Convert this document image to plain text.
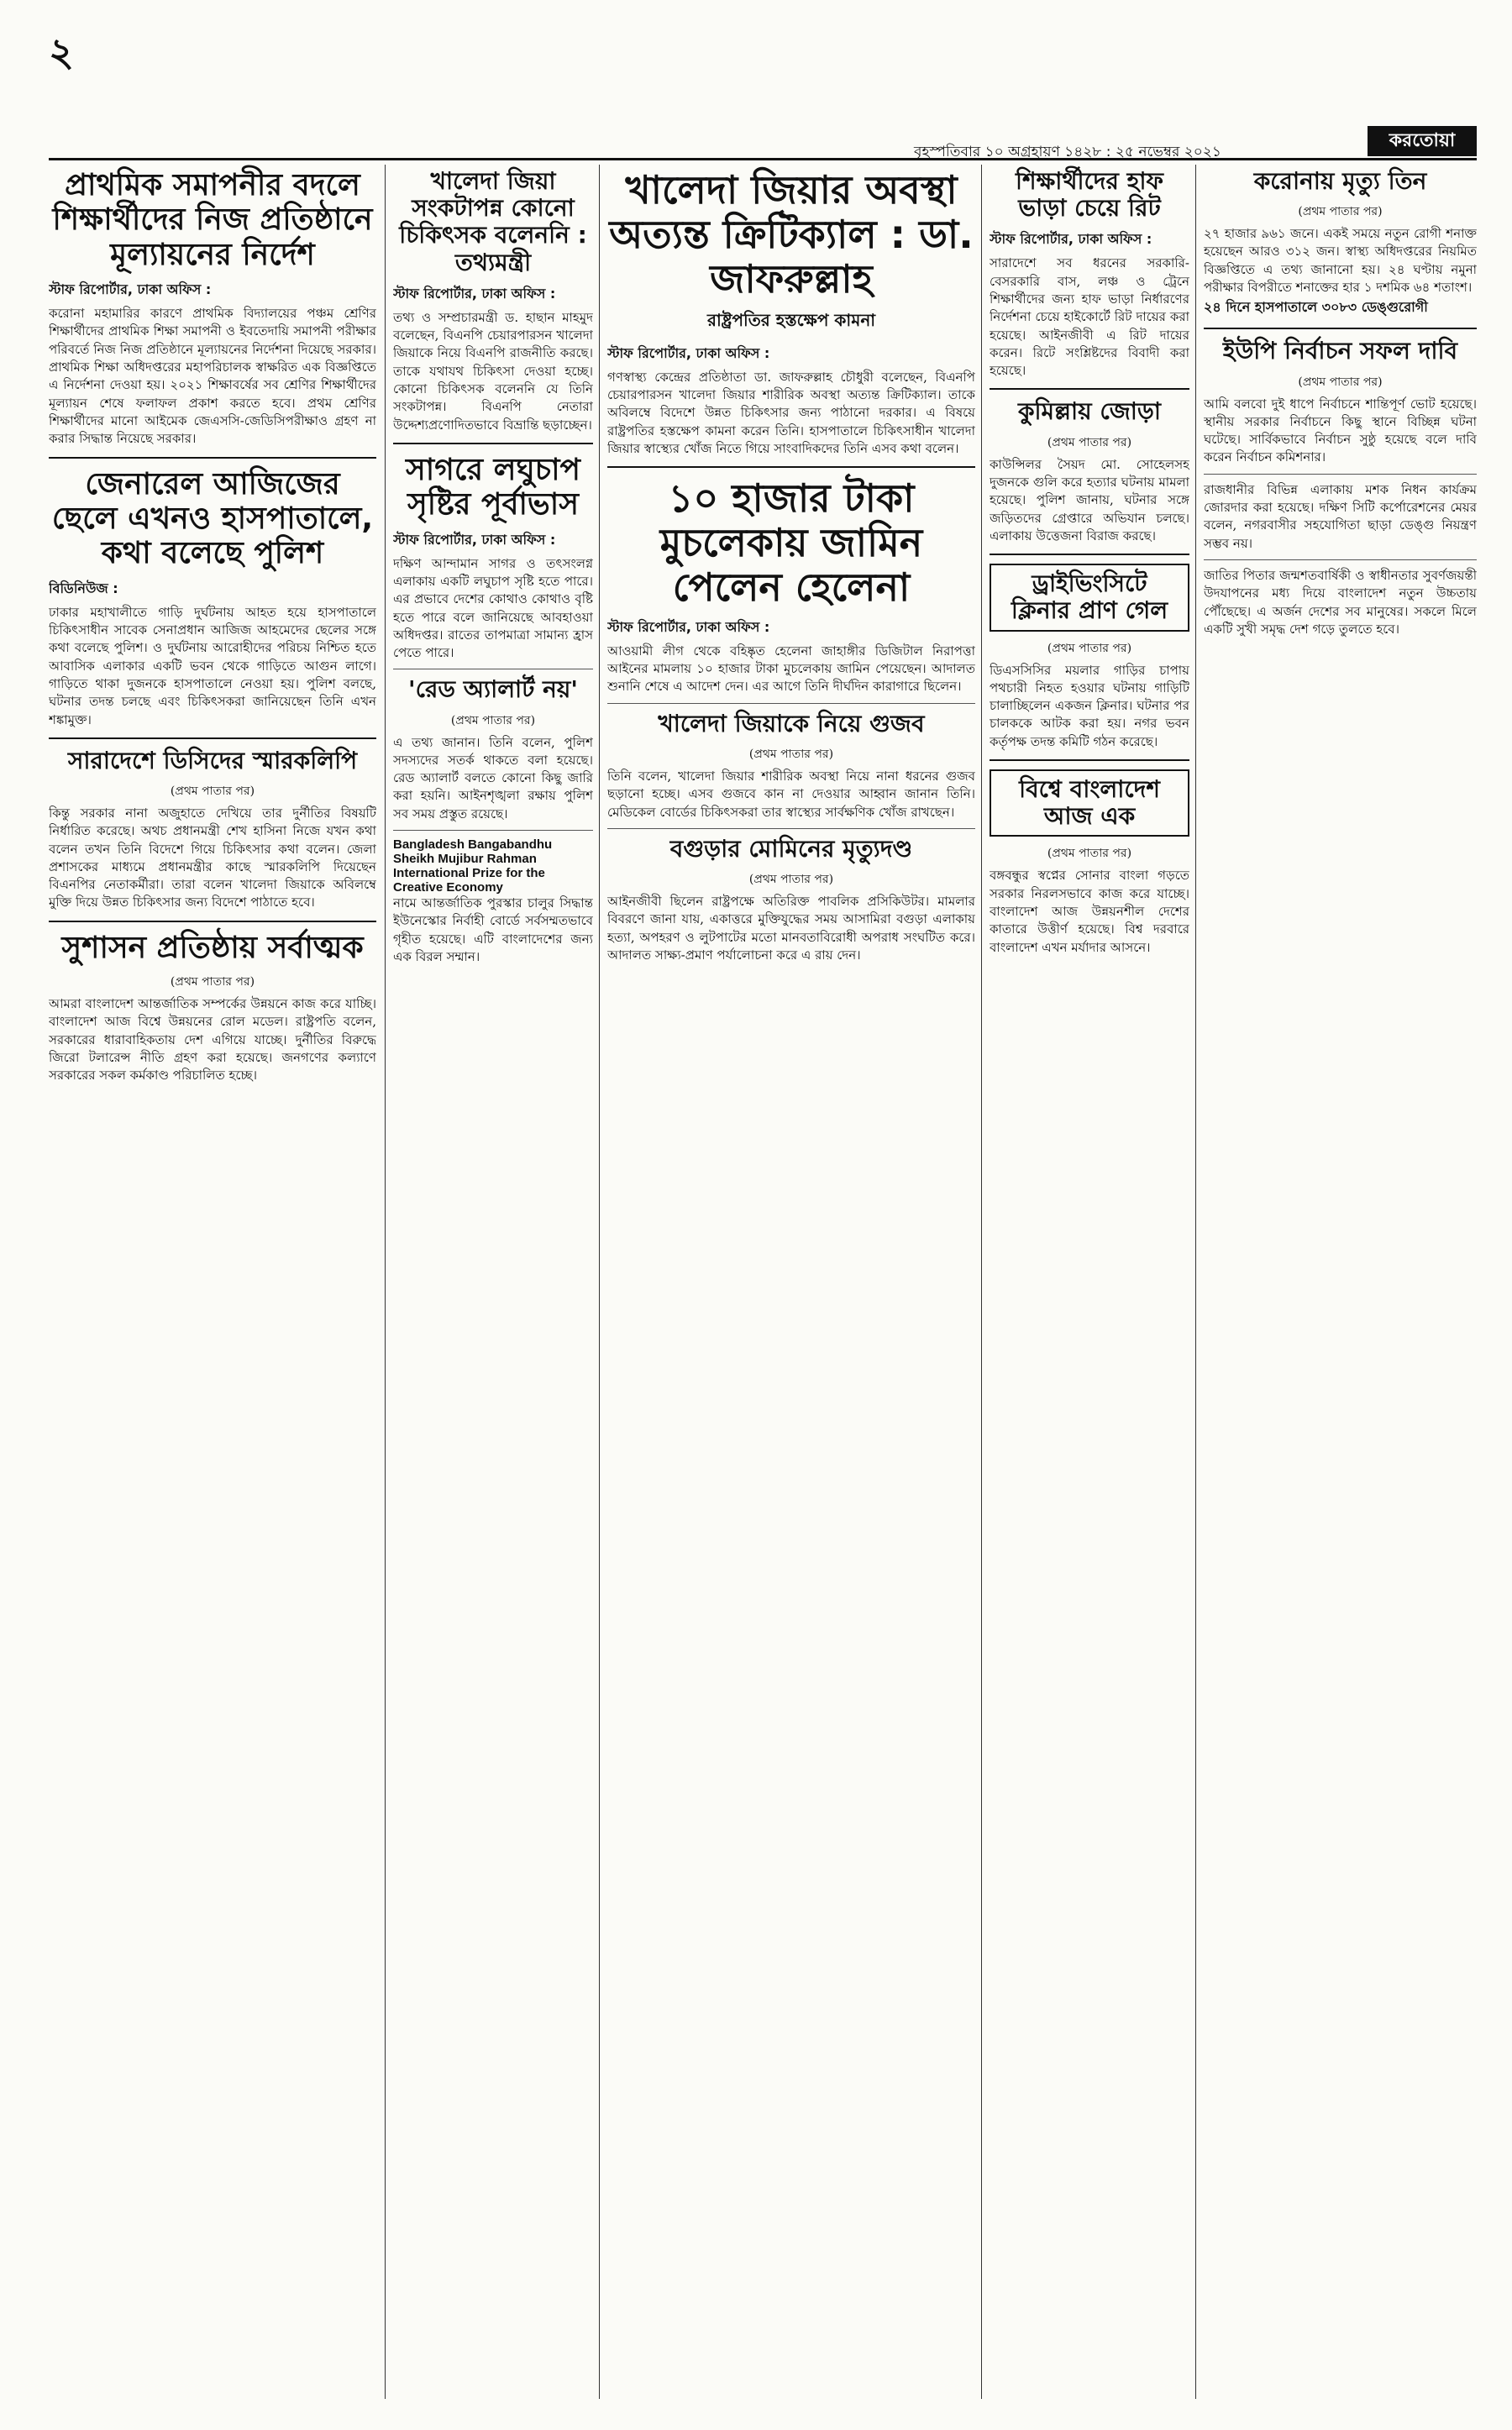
২
বৃহস্পতিবার ১০ অগ্রহায়ণ ১৪২৮ : ২৫ নভেম্বর ২০২১
করতোয়া
প্রাথমিক সমাপনীর বদলে শিক্ষার্থীদের নিজ প্রতিষ্ঠানে মূল্যায়নের নির্দেশ
স্টাফ রিপোর্টার, ঢাকা অফিস :
করোনা মহামারির কারণে প্রাথমিক বিদ্যালয়ের পঞ্চম শ্রেণির শিক্ষার্থীদের প্রাথমিক শিক্ষা সমাপনী ও ইবতেদায়ি সমাপনী পরীক্ষার পরিবর্তে নিজ নিজ প্রতিষ্ঠানে মূল্যায়নের নির্দেশনা দিয়েছে সরকার। প্রাথমিক শিক্ষা অধিদপ্তরের মহাপরিচালক স্বাক্ষরিত এক বিজ্ঞপ্তিতে এ নির্দেশনা দেওয়া হয়। ২০২১ শিক্ষাবর্ষের সব শ্রেণির শিক্ষার্থীদের মূল্যায়ন শেষে ফলাফল প্রকাশ করতে হবে। প্রথম শ্রেণির শিক্ষার্থীদের মানো আইমেক জেএসসি-জেডিসিপরীক্ষাও গ্রহণ না করার সিদ্ধান্ত নিয়েছে সরকার।
জেনারেল আজিজের ছেলে এখনও হাসপাতালে, কথা বলেছে পুলিশ
বিডিনিউজ :
ঢাকার মহাখালীতে গাড়ি দুর্ঘটনায় আহত হয়ে হাসপাতালে চিকিৎসাধীন সাবেক সেনাপ্রধান আজিজ আহমেদের ছেলের সঙ্গে কথা বলেছে পুলিশ। ও দুর্ঘটনায় আরোহীদের পরিচয় নিশ্চিত হতে আবাসিক এলাকার একটি ভবন থেকে গাড়িতে আগুন লাগে। গাড়িতে থাকা দুজনকে হাসপাতালে নেওয়া হয়। পুলিশ বলছে, ঘটনার তদন্ত চলছে এবং চিকিৎসকরা জানিয়েছেন তিনি এখন শঙ্কামুক্ত।
সারাদেশে ডিসিদের স্মারকলিপি
(প্রথম পাতার পর)
কিন্তু সরকার নানা অজুহাতে দেখিয়ে তার দুর্নীতির বিষয়টি নির্ধারিত করেছে। অথচ প্রধানমন্ত্রী শেখ হাসিনা নিজে যখন কথা বলেন তখন তিনি বিদেশে গিয়ে চিকিৎসার কথা বলেন। জেলা প্রশাসকের মাধ্যমে প্রধানমন্ত্রীর কাছে স্মারকলিপি দিয়েছেন বিএনপির নেতাকর্মীরা। তারা বলেন খালেদা জিয়াকে অবিলম্বে মুক্তি দিয়ে উন্নত চিকিৎসার জন্য বিদেশে পাঠাতে হবে।
সুশাসন প্রতিষ্ঠায় সর্বাত্মক
(প্রথম পাতার পর)
আমরা বাংলাদেশ আন্তর্জাতিক সম্পর্কের উন্নয়নে কাজ করে যাচ্ছি। বাংলাদেশ আজ বিশ্বে উন্নয়নের রোল মডেল। রাষ্ট্রপতি বলেন, সরকারের ধারাবাহিকতায় দেশ এগিয়ে যাচ্ছে। দুর্নীতির বিরুদ্ধে জিরো টলারেন্স নীতি গ্রহণ করা হয়েছে। জনগণের কল্যাণে সরকারের সকল কর্মকাণ্ড পরিচালিত হচ্ছে।
খালেদা জিয়া সংকটাপন্ন কোনো চিকিৎসক বলেননি : তথ্যমন্ত্রী
স্টাফ রিপোর্টার, ঢাকা অফিস :
তথ্য ও সম্প্রচারমন্ত্রী ড. হাছান মাহমুদ বলেছেন, বিএনপি চেয়ারপারসন খালেদা জিয়াকে নিয়ে বিএনপি রাজনীতি করছে। তাকে যথাযথ চিকিৎসা দেওয়া হচ্ছে। কোনো চিকিৎসক বলেননি যে তিনি সংকটাপন্ন। বিএনপি নেতারা উদ্দেশ্যপ্রণোদিতভাবে বিভ্রান্তি ছড়াচ্ছেন।
সাগরে লঘুচাপ সৃষ্টির পূর্বাভাস
স্টাফ রিপোর্টার, ঢাকা অফিস :
দক্ষিণ আন্দামান সাগর ও তৎসংলগ্ন এলাকায় একটি লঘুচাপ সৃষ্টি হতে পারে। এর প্রভাবে দেশের কোথাও কোথাও বৃষ্টি হতে পারে বলে জানিয়েছে আবহাওয়া অধিদপ্তর। রাতের তাপমাত্রা সামান্য হ্রাস পেতে পারে।
'রেড অ্যালার্ট নয়'
(প্রথম পাতার পর)
এ তথ্য জানান। তিনি বলেন, পুলিশ সদস্যদের সতর্ক থাকতে বলা হয়েছে। রেড অ্যালার্ট বলতে কোনো কিছু জারি করা হয়নি। আইনশৃঙ্খলা রক্ষায় পুলিশ সব সময় প্রস্তুত রয়েছে।
Bangladesh Bangabandhu Sheikh Mujibur Rahman International Prize for the Creative Economy
নামে আন্তর্জাতিক পুরস্কার চালুর সিদ্ধান্ত ইউনেস্কোর নির্বাহী বোর্ডে সর্বসম্মতভাবে গৃহীত হয়েছে। এটি বাংলাদেশের জন্য এক বিরল সম্মান।
খালেদা জিয়ার অবস্থা অত্যন্ত ক্রিটিক্যাল : ডা. জাফরুল্লাহ
রাষ্ট্রপতির হস্তক্ষেপ কামনা
স্টাফ রিপোর্টার, ঢাকা অফিস :
গণস্বাস্থ্য কেন্দ্রের প্রতিষ্ঠাতা ডা. জাফরুল্লাহ চৌধুরী বলেছেন, বিএনপি চেয়ারপারসন খালেদা জিয়ার শারীরিক অবস্থা অত্যন্ত ক্রিটিক্যাল। তাকে অবিলম্বে বিদেশে উন্নত চিকিৎসার জন্য পাঠানো দরকার। এ বিষয়ে রাষ্ট্রপতির হস্তক্ষেপ কামনা করেন তিনি। হাসপাতালে চিকিৎসাধীন খালেদা জিয়ার স্বাস্থ্যের খোঁজ নিতে গিয়ে সাংবাদিকদের তিনি এসব কথা বলেন।
১০ হাজার টাকা মুচলেকায় জামিন পেলেন হেলেনা
স্টাফ রিপোর্টার, ঢাকা অফিস :
আওয়ামী লীগ থেকে বহিষ্কৃত হেলেনা জাহাঙ্গীর ডিজিটাল নিরাপত্তা আইনের মামলায় ১০ হাজার টাকা মুচলেকায় জামিন পেয়েছেন। আদালত শুনানি শেষে এ আদেশ দেন। এর আগে তিনি দীর্ঘদিন কারাগারে ছিলেন।
খালেদা জিয়াকে নিয়ে গুজব
(প্রথম পাতার পর)
তিনি বলেন, খালেদা জিয়ার শারীরিক অবস্থা নিয়ে নানা ধরনের গুজব ছড়ানো হচ্ছে। এসব গুজবে কান না দেওয়ার আহ্বান জানান তিনি। মেডিকেল বোর্ডের চিকিৎসকরা তার স্বাস্থ্যের সার্বক্ষণিক খোঁজ রাখছেন।
বগুড়ার মোমিনের মৃত্যুদণ্ড
(প্রথম পাতার পর)
আইনজীবী ছিলেন রাষ্ট্রপক্ষে অতিরিক্ত পাবলিক প্রসিকিউটর। মামলার বিবরণে জানা যায়, একাত্তরে মুক্তিযুদ্ধের সময় আসামিরা বগুড়া এলাকায় হত্যা, অপহরণ ও লুটপাটের মতো মানবতাবিরোধী অপরাধ সংঘটিত করে। আদালত সাক্ষ্য-প্রমাণ পর্যালোচনা করে এ রায় দেন।
শিক্ষার্থীদের হাফ ভাড়া চেয়ে রিট
স্টাফ রিপোর্টার, ঢাকা অফিস :
সারাদেশে সব ধরনের সরকারি-বেসরকারি বাস, লঞ্চ ও ট্রেনে শিক্ষার্থীদের জন্য হাফ ভাড়া নির্ধারণের নির্দেশনা চেয়ে হাইকোর্টে রিট দায়ের করা হয়েছে। আইনজীবী এ রিট দায়ের করেন। রিটে সংশ্লিষ্টদের বিবাদী করা হয়েছে।
কুমিল্লায় জোড়া
(প্রথম পাতার পর)
কাউন্সিলর সৈয়দ মো. সোহেলসহ দুজনকে গুলি করে হত্যার ঘটনায় মামলা হয়েছে। পুলিশ জানায়, ঘটনার সঙ্গে জড়িতদের গ্রেপ্তারে অভিযান চলছে। এলাকায় উত্তেজনা বিরাজ করছে।
ড্রাইভিংসিটে ক্লিনার প্রাণ গেল
(প্রথম পাতার পর)
ডিএসসিসির ময়লার গাড়ির চাপায় পথচারী নিহত হওয়ার ঘটনায় গাড়িটি চালাচ্ছিলেন একজন ক্লিনার। ঘটনার পর চালককে আটক করা হয়। নগর ভবন কর্তৃপক্ষ তদন্ত কমিটি গঠন করেছে।
বিশ্বে বাংলাদেশ আজ এক
(প্রথম পাতার পর)
বঙ্গবন্ধুর স্বপ্নের সোনার বাংলা গড়তে সরকার নিরলসভাবে কাজ করে যাচ্ছে। বাংলাদেশ আজ উন্নয়নশীল দেশের কাতারে উত্তীর্ণ হয়েছে। বিশ্ব দরবারে বাংলাদেশ এখন মর্যাদার আসনে।
করোনায় মৃত্যু তিন
(প্রথম পাতার পর)
২৭ হাজার ৯৬১ জনে। একই সময়ে নতুন রোগী শনাক্ত হয়েছেন আরও ৩১২ জন। স্বাস্থ্য অধিদপ্তরের নিয়মিত বিজ্ঞপ্তিতে এ তথ্য জানানো হয়। ২৪ ঘণ্টায় নমুনা পরীক্ষার বিপরীতে শনাক্তের হার ১ দশমিক ৬৪ শতাংশ।
২৪ দিনে হাসপাতালে ৩০৮৩ ডেঙ্গুরোগী
ইউপি নির্বাচন সফল দাবি
(প্রথম পাতার পর)
আমি বলবো দুই ধাপে নির্বাচনে শান্তিপূর্ণ ভোট হয়েছে। স্থানীয় সরকার নির্বাচনে কিছু স্থানে বিচ্ছিন্ন ঘটনা ঘটেছে। সার্বিকভাবে নির্বাচন সুষ্ঠু হয়েছে বলে দাবি করেন নির্বাচন কমিশনার।
রাজধানীর বিভিন্ন এলাকায় মশক নিধন কার্যক্রম জোরদার করা হয়েছে। দক্ষিণ সিটি কর্পোরেশনের মেয়র বলেন, নগরবাসীর সহযোগিতা ছাড়া ডেঙ্গু নিয়ন্ত্রণ সম্ভব নয়।
জাতির পিতার জন্মশতবার্ষিকী ও স্বাধীনতার সুবর্ণজয়ন্তী উদযাপনের মধ্য দিয়ে বাংলাদেশ নতুন উচ্চতায় পৌঁছেছে। এ অর্জন দেশের সব মানুষের। সকলে মিলে একটি সুখী সমৃদ্ধ দেশ গড়ে তুলতে হবে।
